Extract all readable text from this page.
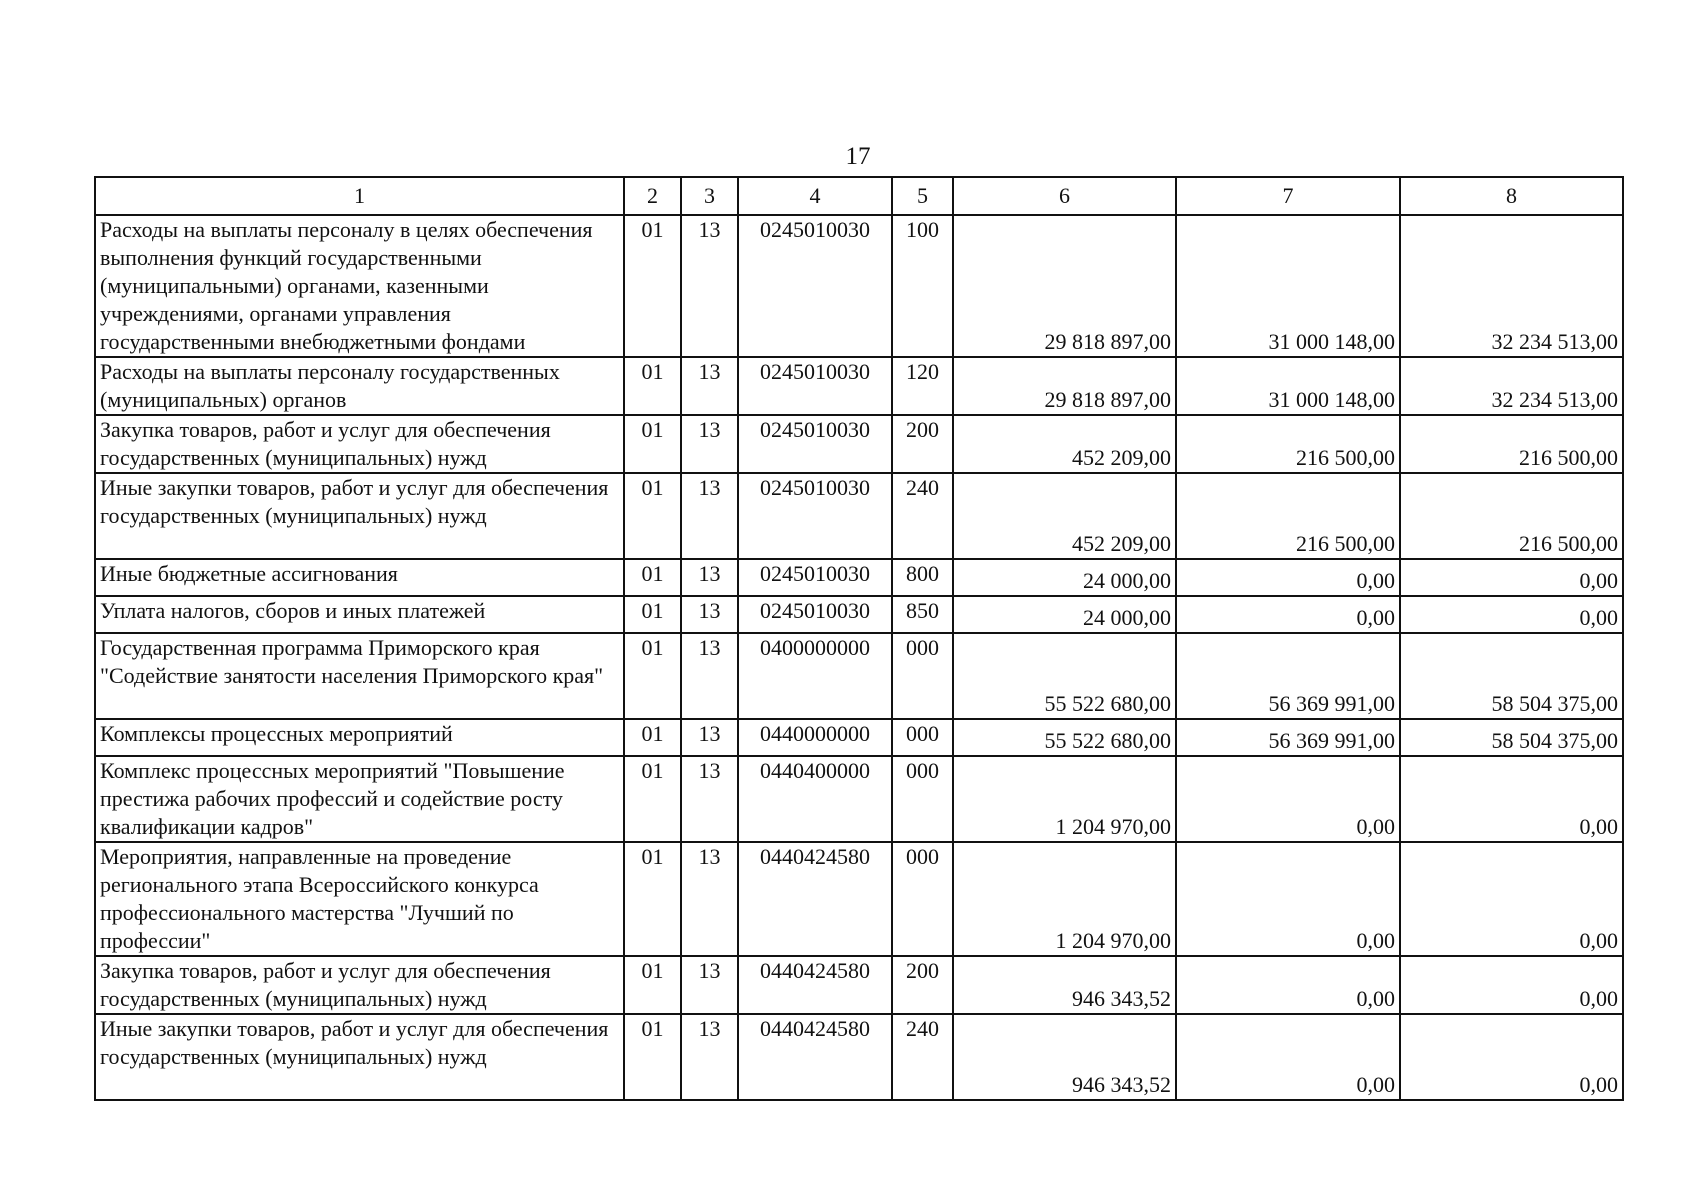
17
1	2	3	4	5	6	7	8
Расходы на выплаты персоналу в целях обеспечения выполнения функций государственными (муниципальными) органами, казенными учреждениями, органами управления государственными внебюджетными фондами	01	13	0245010030	100	29 818 897,00	31 000 148,00	32 234 513,00
Расходы на выплаты персоналу государственных (муниципальных) органов	01	13	0245010030	120	29 818 897,00	31 000 148,00	32 234 513,00
Закупка товаров, работ и услуг для обеспечения государственных (муниципальных) нужд	01	13	0245010030	200	452 209,00	216 500,00	216 500,00
Иные закупки товаров, работ и услуг для обеспечения государственных (муниципальных) нужд	01	13	0245010030	240	452 209,00	216 500,00	216 500,00
Иные бюджетные ассигнования	01	13	0245010030	800	24 000,00	0,00	0,00
Уплата налогов, сборов и иных платежей	01	13	0245010030	850	24 000,00	0,00	0,00
Государственная программа Приморского края "Содействие занятости населения Приморского края"	01	13	0400000000	000	55 522 680,00	56 369 991,00	58 504 375,00
Комплексы процессных мероприятий	01	13	0440000000	000	55 522 680,00	56 369 991,00	58 504 375,00
Комплекс процессных мероприятий "Повышение престижа рабочих профессий и содействие росту квалификации кадров"	01	13	0440400000	000	1 204 970,00	0,00	0,00
Мероприятия, направленные на проведение регионального этапа Всероссийского конкурса профессионального мастерства "Лучший по профессии"	01	13	0440424580	000	1 204 970,00	0,00	0,00
Закупка товаров, работ и услуг для обеспечения государственных (муниципальных) нужд	01	13	0440424580	200	946 343,52	0,00	0,00
Иные закупки товаров, работ и услуг для обеспечения государственных (муниципальных) нужд	01	13	0440424580	240	946 343,52	0,00	0,00
